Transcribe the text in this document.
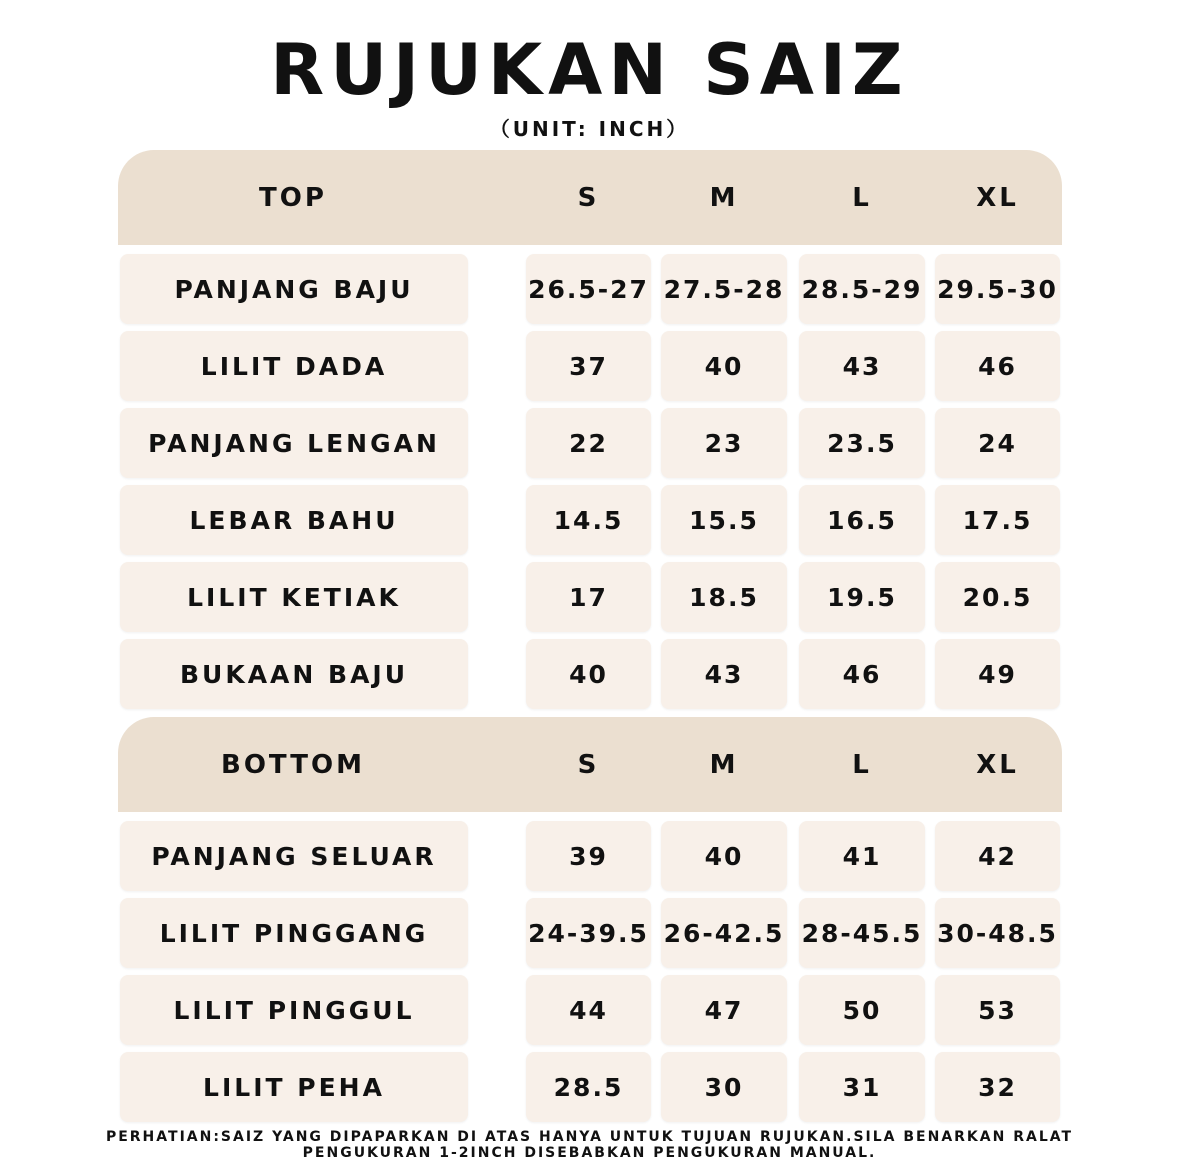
RUJUKAN SAIZ
（UNIT: INCH）
TOP	S	M	L	XL
PANJANG BAJU	26.5-27 27.5-28 28.5-29 29.5-30
LILIT DADA	37	40	43	46
PANJANG LENGAN	22	23	23.5	24
LEBAR BAHU	14.5	15.5	16.5	17.5
LILIT KETIAK	17	18.5	19.5	20.5
BUKAAN BAJU	40	43	46	49
BOTTOM	S	M	L	XL
PANJANG SELUAR	39	40	41	42
LILIT PINGGANG	24-39.5 26-42.5 28-45.5 30-48.5
LILIT PINGGUL	44	47	50	53
LILIT PEHA	28.5	30	31	32
PERHATIAN:SAIZ YANG DIPAPARKAN DI ATAS HANYA UNTUK TUJUAN RUJUKAN.SILA BENARKAN RALAT
PENGUKURAN 1-2INCH DISEBABKAN PENGUKURAN MANUAL.
